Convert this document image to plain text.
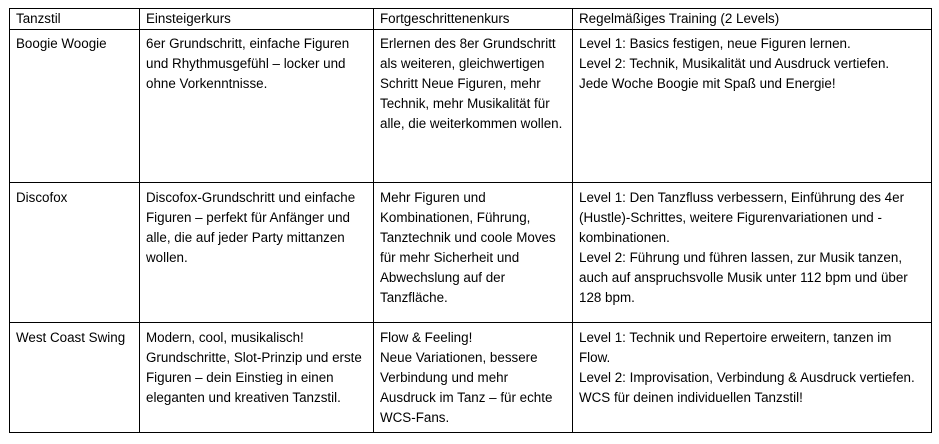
Tanzstil	Einsteigerkurs	Fortgeschrittenenkurs	Regelmäßiges Training (2 Levels)
Boogie Woogie	6er Grundschritt, einfache Figuren und Rhythmusgefühl – locker und ohne Vorkenntnisse.	Erlernen des 8er Grundschritt als weiteren, gleichwertigen Schritt Neue Figuren, mehr Technik, mehr Musikalität für alle, die weiterkommen wollen.	Level 1: Basics festigen, neue Figuren lernen.
Level 2: Technik, Musikalität und Ausdruck vertiefen.
Jede Woche Boogie mit Spaß und Energie!

Discofox	Discofox-Grundschritt und einfache Figuren – perfekt für Anfänger und alle, die auf jeder Party mittanzen wollen.	Mehr Figuren und Kombinationen, Führung, Tanztechnik und coole Moves für mehr Sicherheit und Abwechslung auf der Tanzfläche.	Level 1: Den Tanzfluss verbessern, Einführung des 4er (Hustle)-Schrittes, weitere Figurenvariationen und -kombinationen.
Level 2: Führung und führen lassen, zur Musik tanzen, auch auf anspruchsvolle Musik unter 112 bpm und über 128 bpm.

West Coast Swing	Modern, cool, musikalisch! Grundschritte, Slot-Prinzip und erste Figuren – dein Einstieg in einen eleganten und kreativen Tanzstil.	Flow & Feeling!
Neue Variationen, bessere Verbindung und mehr Ausdruck im Tanz – für echte WCS-Fans.	Level 1: Technik und Repertoire erweitern, tanzen im Flow.
Level 2: Improvisation, Verbindung & Ausdruck vertiefen.
WCS für deinen individuellen Tanzstil!
